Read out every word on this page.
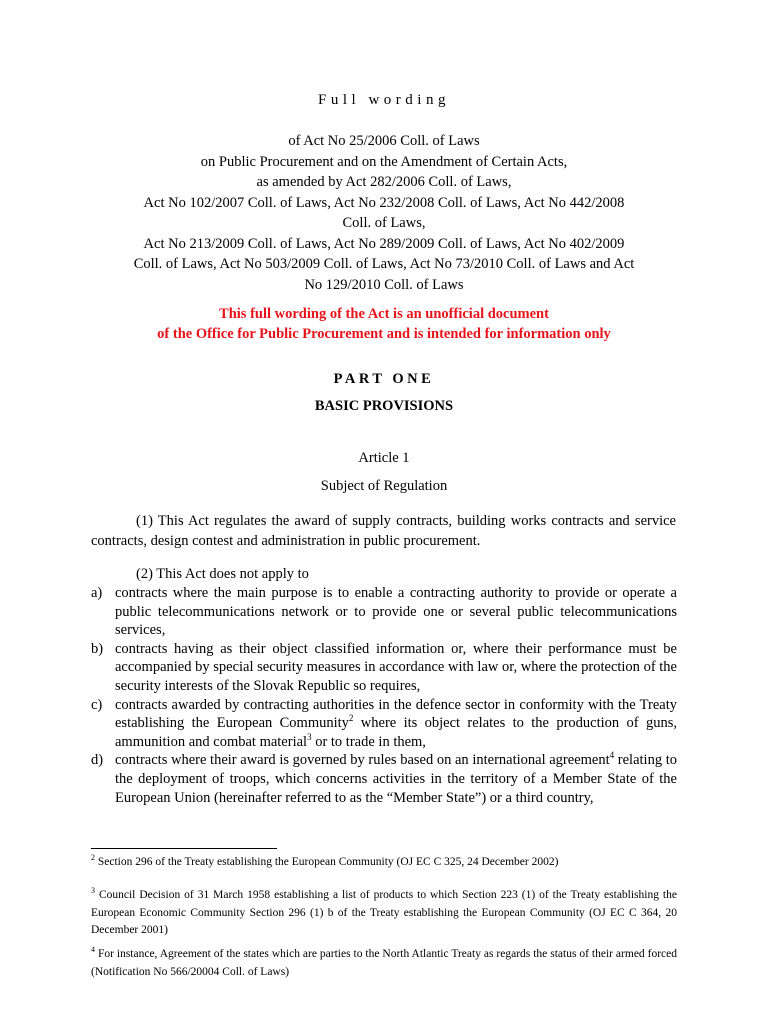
Full wording
of Act No 25/2006 Coll. of Laws
on Public Procurement and on the Amendment of Certain Acts,
as amended by Act 282/2006 Coll. of Laws,
Act No 102/2007 Coll. of Laws, Act No 232/2008 Coll. of Laws, Act No 442/2008
Coll. of Laws,
Act No 213/2009 Coll. of Laws, Act No 289/2009 Coll. of Laws, Act No 402/2009
Coll. of Laws, Act No 503/2009 Coll. of Laws, Act No 73/2010 Coll. of Laws and Act
No 129/2010 Coll. of Laws
This full wording of the Act is an unofficial document
of the Office for Public Procurement and is intended for information only
PART ONE
BASIC PROVISIONS
Article 1
Subject of Regulation
(1) This Act regulates the award of supply contracts, building works contracts and service contracts, design contest and administration in public procurement.
(2) This Act does not apply to
a) contracts where the main purpose is to enable a contracting authority to provide or operate a public telecommunications network or to provide one or several public telecommunications services,
b) contracts having as their object classified information or, where their performance must be accompanied by special security measures in accordance with law or, where the protection of the security interests of the Slovak Republic so requires,
c) contracts awarded by contracting authorities in the defence sector in conformity with the Treaty establishing the European Community$^2$ where its object relates to the production of guns, ammunition and combat material$^3$ or to trade in them,
d) contracts where their award is governed by rules based on an international agreement$^4$ relating to the deployment of troops, which concerns activities in the territory of a Member State of the European Union (hereinafter referred to as the “Member State”) or a third country,
$^2$ Section 296 of the Treaty establishing the European Community (OJ EC C 325, 24 December 2002)
$^3$ Council Decision of 31 March 1958 establishing a list of products to which Section 223 (1) of the Treaty establishing the European Economic Community Section 296 (1) b of the Treaty establishing the European Community (OJ EC C 364, 20 December 2001)
$^4$ For instance, Agreement of the states which are parties to the North Atlantic Treaty as regards the status of their armed forced (Notification No 566/20004 Coll. of Laws)
